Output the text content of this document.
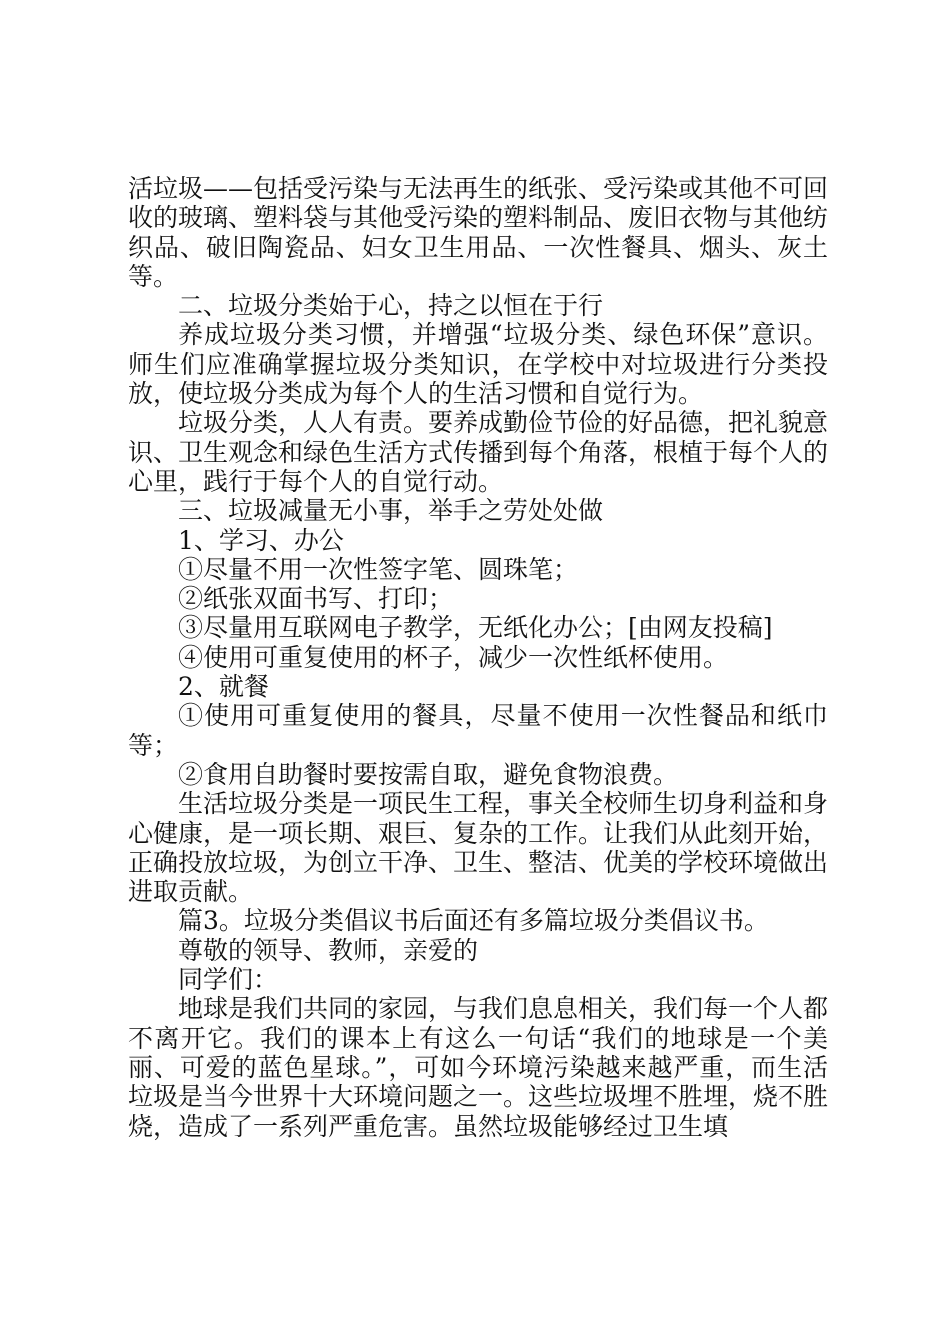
活垃圾——包括受污染与无法再生的纸张、受污染或其他不可回收的玻璃、塑料袋与其他受污染的塑料制品、废旧衣物与其他纺织品、破旧陶瓷品、妇女卫生用品、一次性餐具、烟头、灰土等。

二、垃圾分类始于心，持之以恒在于行

养成垃圾分类习惯，并增强“垃圾分类、绿色环保”意识。师生们应准确掌握垃圾分类知识，在学校中对垃圾进行分类投放，使垃圾分类成为每个人的生活习惯和自觉行为。

垃圾分类，人人有责。要养成勤俭节俭的好品德，把礼貌意识、卫生观念和绿色生活方式传播到每个角落，根植于每个人的心里，践行于每个人的自觉行动。

三、垃圾减量无小事，举手之劳处处做

1、学习、办公

①尽量不用一次性签字笔、圆珠笔；

②纸张双面书写、打印；

③尽量用互联网电子教学，无纸化办公；[由网友投稿]

④使用可重复使用的杯子，减少一次性纸杯使用。

2、就餐

①使用可重复使用的餐具，尽量不使用一次性餐品和纸巾等；

②食用自助餐时要按需自取，避免食物浪费。

生活垃圾分类是一项民生工程，事关全校师生切身利益和身心健康，是一项长期、艰巨、复杂的工作。让我们从此刻开始，正确投放垃圾，为创立干净、卫生、整洁、优美的学校环境做出进取贡献。

篇3。垃圾分类倡议书后面还有多篇垃圾分类倡议书。

尊敬的领导、教师，亲爱的

同学们：

地球是我们共同的家园，与我们息息相关，我们每一个人都不离开它。我们的课本上有这么一句话“我们的地球是一个美丽、可爱的蓝色星球。”，可如今环境污染越来越严重，而生活垃圾是当今世界十大环境问题之一。这些垃圾埋不胜埋，烧不胜烧，造成了一系列严重危害。虽然垃圾能够经过卫生填
